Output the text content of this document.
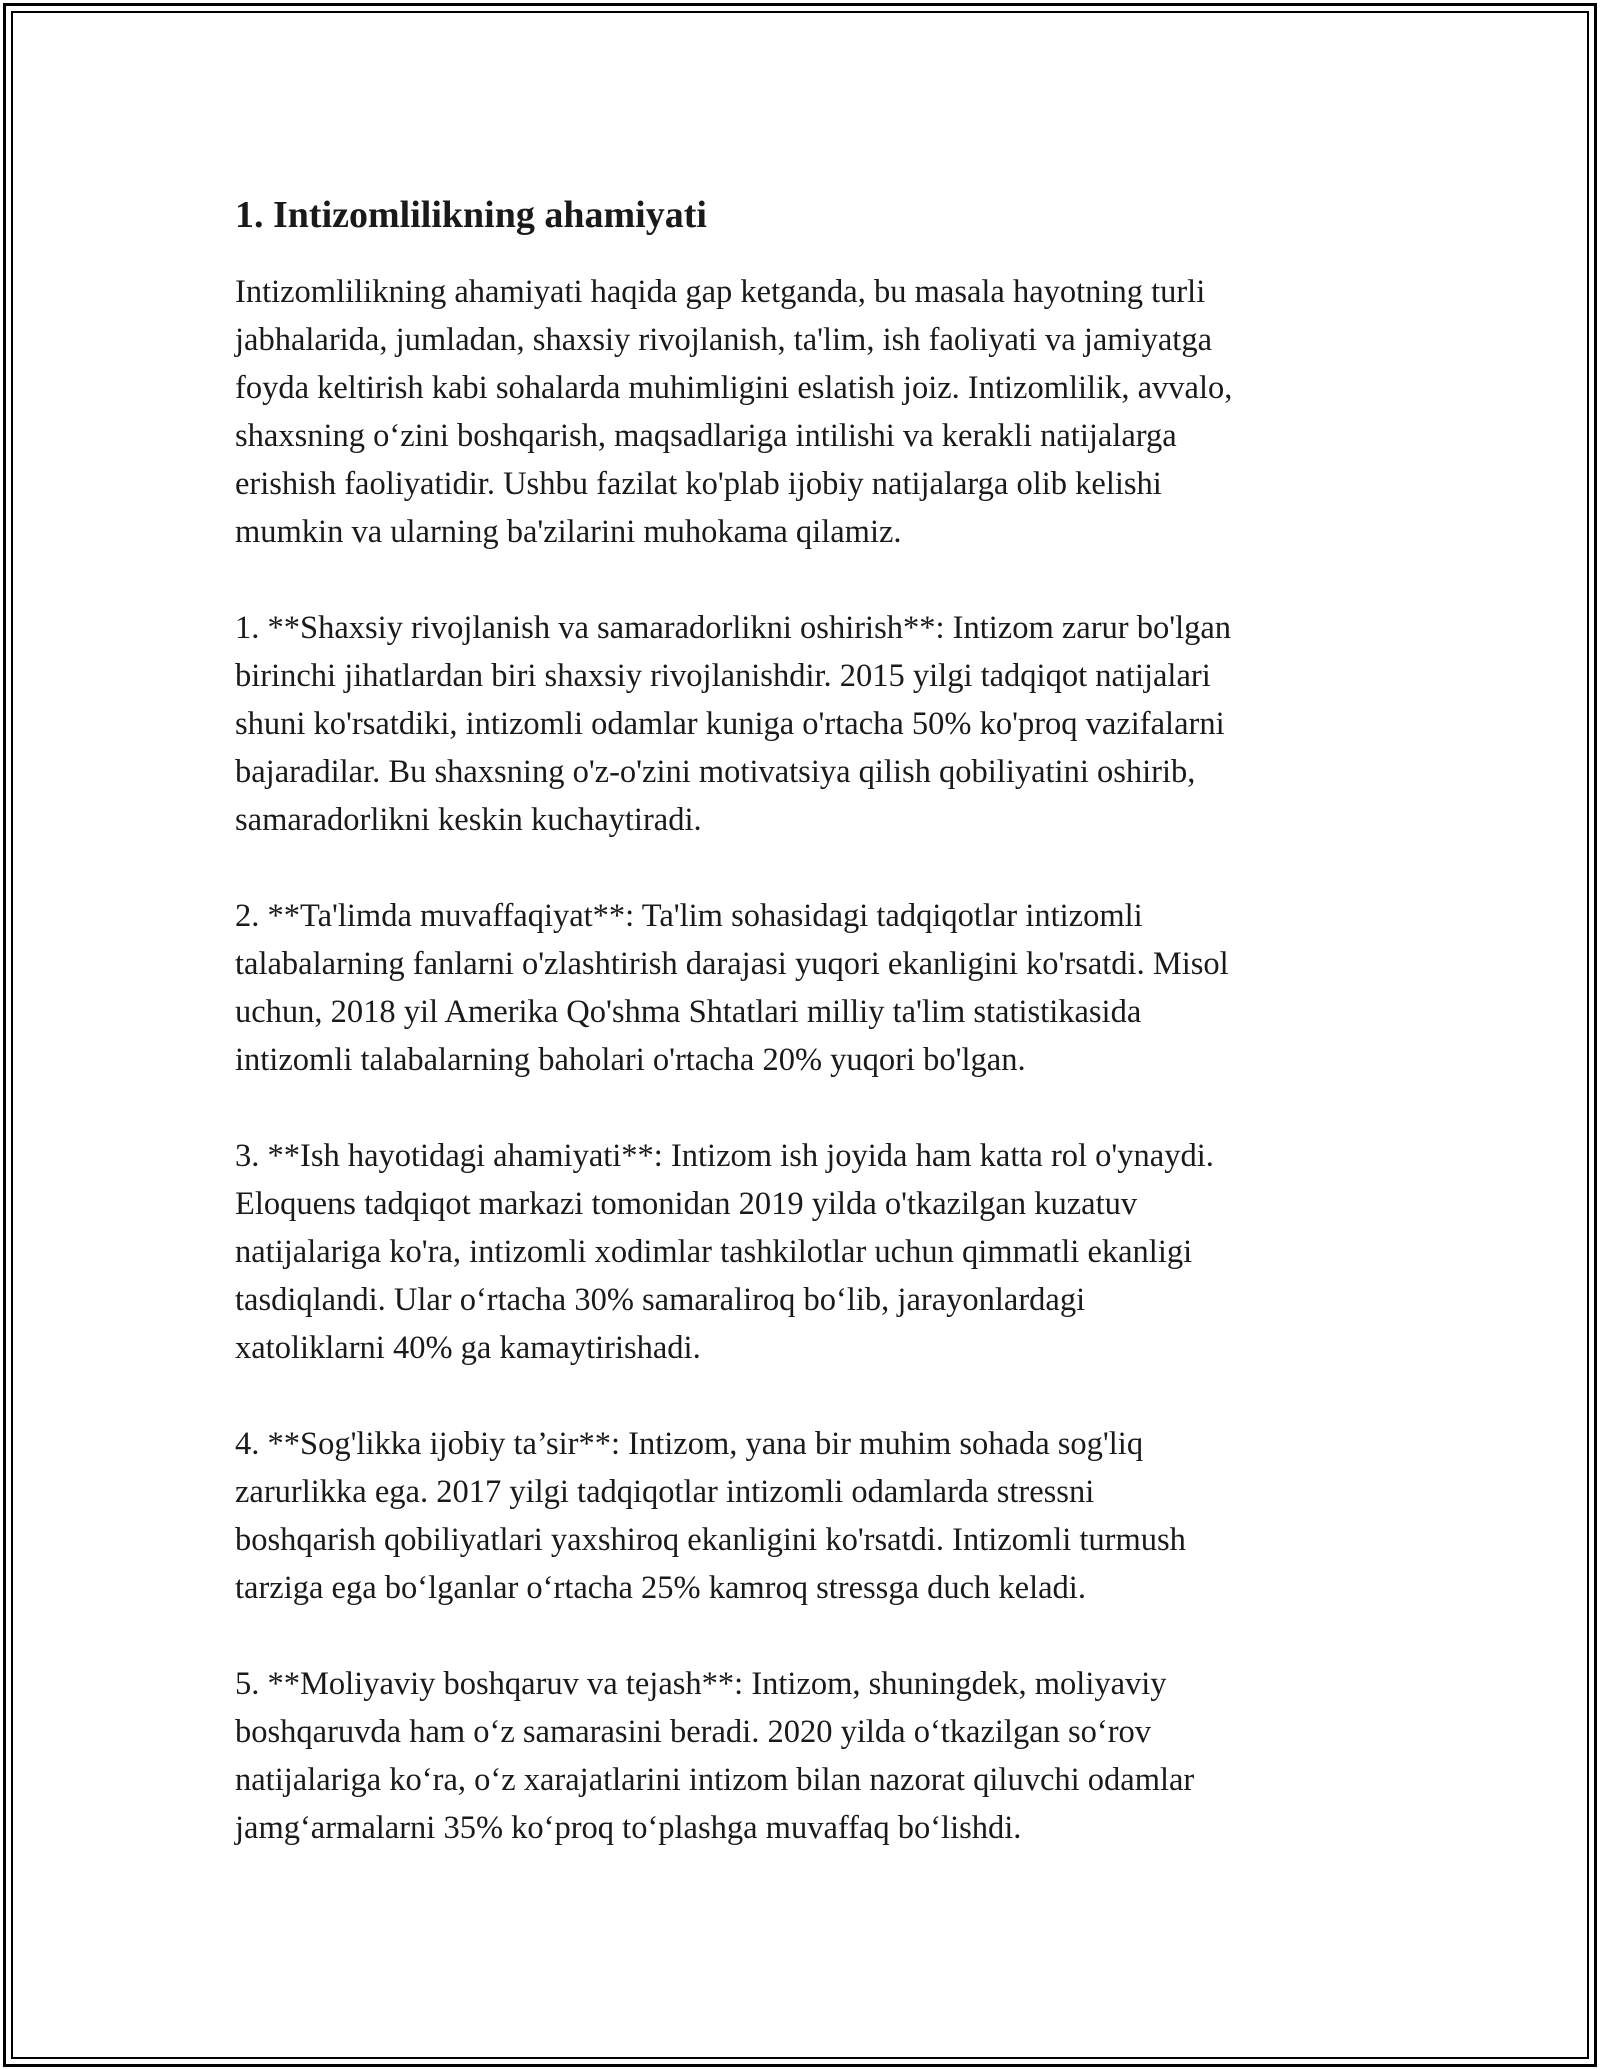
1. Intizomlilikning ahamiyati

Intizomlilikning ahamiyati haqida gap ketganda, bu masala hayotning turli
jabhalarida, jumladan, shaxsiy rivojlanish, ta'lim, ish faoliyati va jamiyatga
foyda keltirish kabi sohalarda muhimligini eslatish joiz. Intizomlilik, avvalo,
shaxsning o‘zini boshqarish, maqsadlariga intilishi va kerakli natijalarga
erishish faoliyatidir. Ushbu fazilat ko'plab ijobiy natijalarga olib kelishi
mumkin va ularning ba'zilarini muhokama qilamiz.

1. **Shaxsiy rivojlanish va samaradorlikni oshirish**: Intizom zarur bo'lgan
birinchi jihatlardan biri shaxsiy rivojlanishdir. 2015 yilgi tadqiqot natijalari
shuni ko'rsatdiki, intizomli odamlar kuniga o'rtacha 50% ko'proq vazifalarni
bajaradilar. Bu shaxsning o'z-o'zini motivatsiya qilish qobiliyatini oshirib,
samaradorlikni keskin kuchaytiradi.

2. **Ta'limda muvaffaqiyat**: Ta'lim sohasidagi tadqiqotlar intizomli
talabalarning fanlarni o'zlashtirish darajasi yuqori ekanligini ko'rsatdi. Misol
uchun, 2018 yil Amerika Qo'shma Shtatlari milliy ta'lim statistikasida
intizomli talabalarning baholari o'rtacha 20% yuqori bo'lgan.

3. **Ish hayotidagi ahamiyati**: Intizom ish joyida ham katta rol o'ynaydi.
Eloquens tadqiqot markazi tomonidan 2019 yilda o'tkazilgan kuzatuv
natijalariga ko'ra, intizomli xodimlar tashkilotlar uchun qimmatli ekanligi
tasdiqlandi. Ular o‘rtacha 30% samaraliroq bo‘lib, jarayonlardagi
xatoliklarni 40% ga kamaytirishadi.

4. **Sog'likka ijobiy ta’sir**: Intizom, yana bir muhim sohada sog'liq
zarurlikka ega. 2017 yilgi tadqiqotlar intizomli odamlarda stressni
boshqarish qobiliyatlari yaxshiroq ekanligini ko'rsatdi. Intizomli turmush
tarziga ega bo‘lganlar o‘rtacha 25% kamroq stressga duch keladi.

5. **Moliyaviy boshqaruv va tejash**: Intizom, shuningdek, moliyaviy
boshqaruvda ham o‘z samarasini beradi. 2020 yilda o‘tkazilgan so‘rov
natijalariga ko‘ra, o‘z xarajatlarini intizom bilan nazorat qiluvchi odamlar
jamg‘armalarni 35% ko‘proq to‘plashga muvaffaq bo‘lishdi.
